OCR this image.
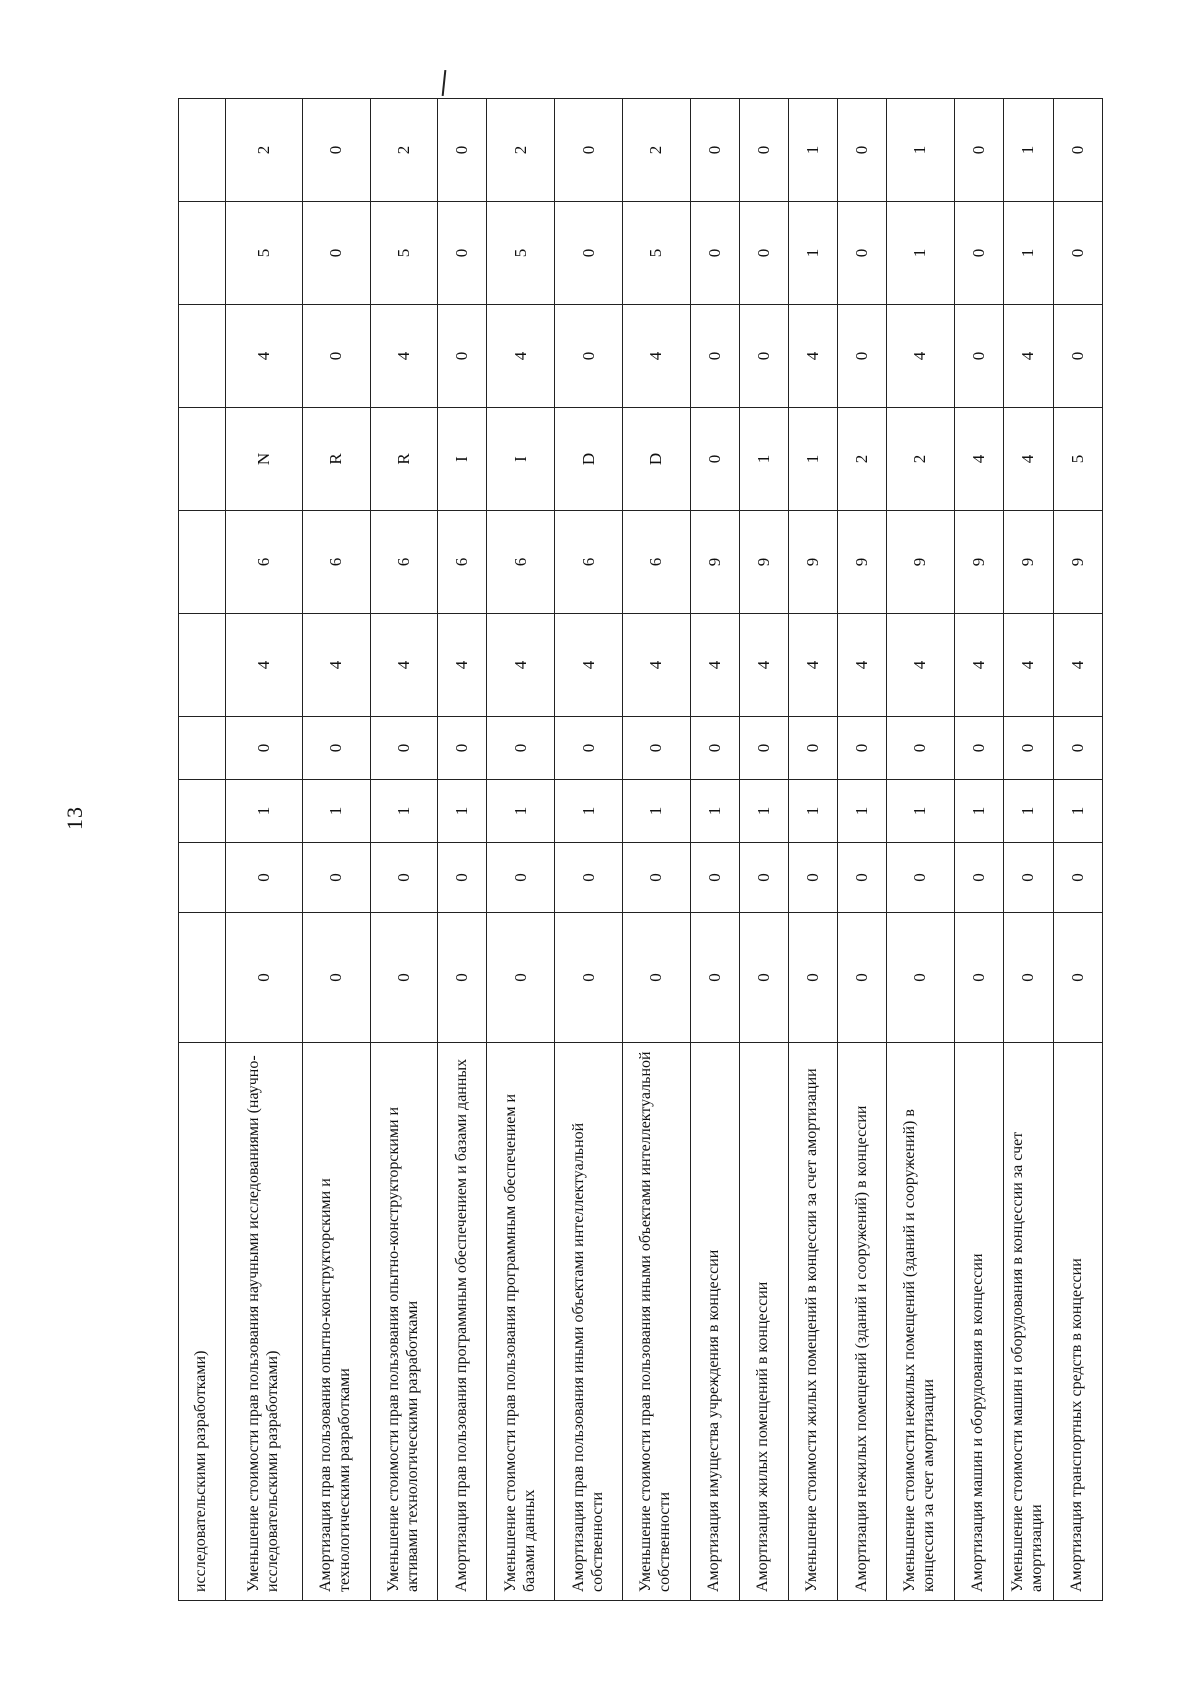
13
исследовательскими разработками)										
Уменьшение стоимости прав пользования научными исследованиями (научно-исследовательскими разработками)	0	0	1	0	4	6	N	4	5	2
Амортизация прав пользования опытно-конструкторскими и технологическими разработками	0	0	1	0	4	6	R	0	0	0
Уменьшение стоимости прав пользования опытно-конструкторскими и активами технологическими разработками	0	0	1	0	4	6	R	4	5	2
Амортизация прав пользования программным обеспечением и базами данных	0	0	1	0	4	6	I	0	0	0
Уменьшение стоимости прав пользования программным обеспечением и базами данных	0	0	1	0	4	6	I	4	5	2
Амортизация прав пользования иными объектами интеллектуальной собственности	0	0	1	0	4	6	D	0	0	0
Уменьшение стоимости прав пользования иными объектами интеллектуальной собственности	0	0	1	0	4	6	D	4	5	2
Амортизация имущества учреждения в концессии	0	0	1	0	4	9	0	0	0	0
Амортизация жилых помещений в концессии	0	0	1	0	4	9	1	0	0	0
Уменьшение стоимости жилых помещений в концессии за счет амортизации	0	0	1	0	4	9	1	4	1	1
Амортизация нежилых помещений (зданий и сооружений) в концессии	0	0	1	0	4	9	2	0	0	0
Уменьшение стоимости нежилых помещений (зданий и сооружений) в концессии за счет амортизации	0	0	1	0	4	9	2	4	1	1
Амортизация машин и оборудования в концессии	0	0	1	0	4	9	4	0	0	0
Уменьшение стоимости машин и оборудования в концессии за счет амортизации	0	0	1	0	4	9	4	4	1	1
Амортизация транспортных средств в концессии	0	0	1	0	4	9	5	0	0	0
